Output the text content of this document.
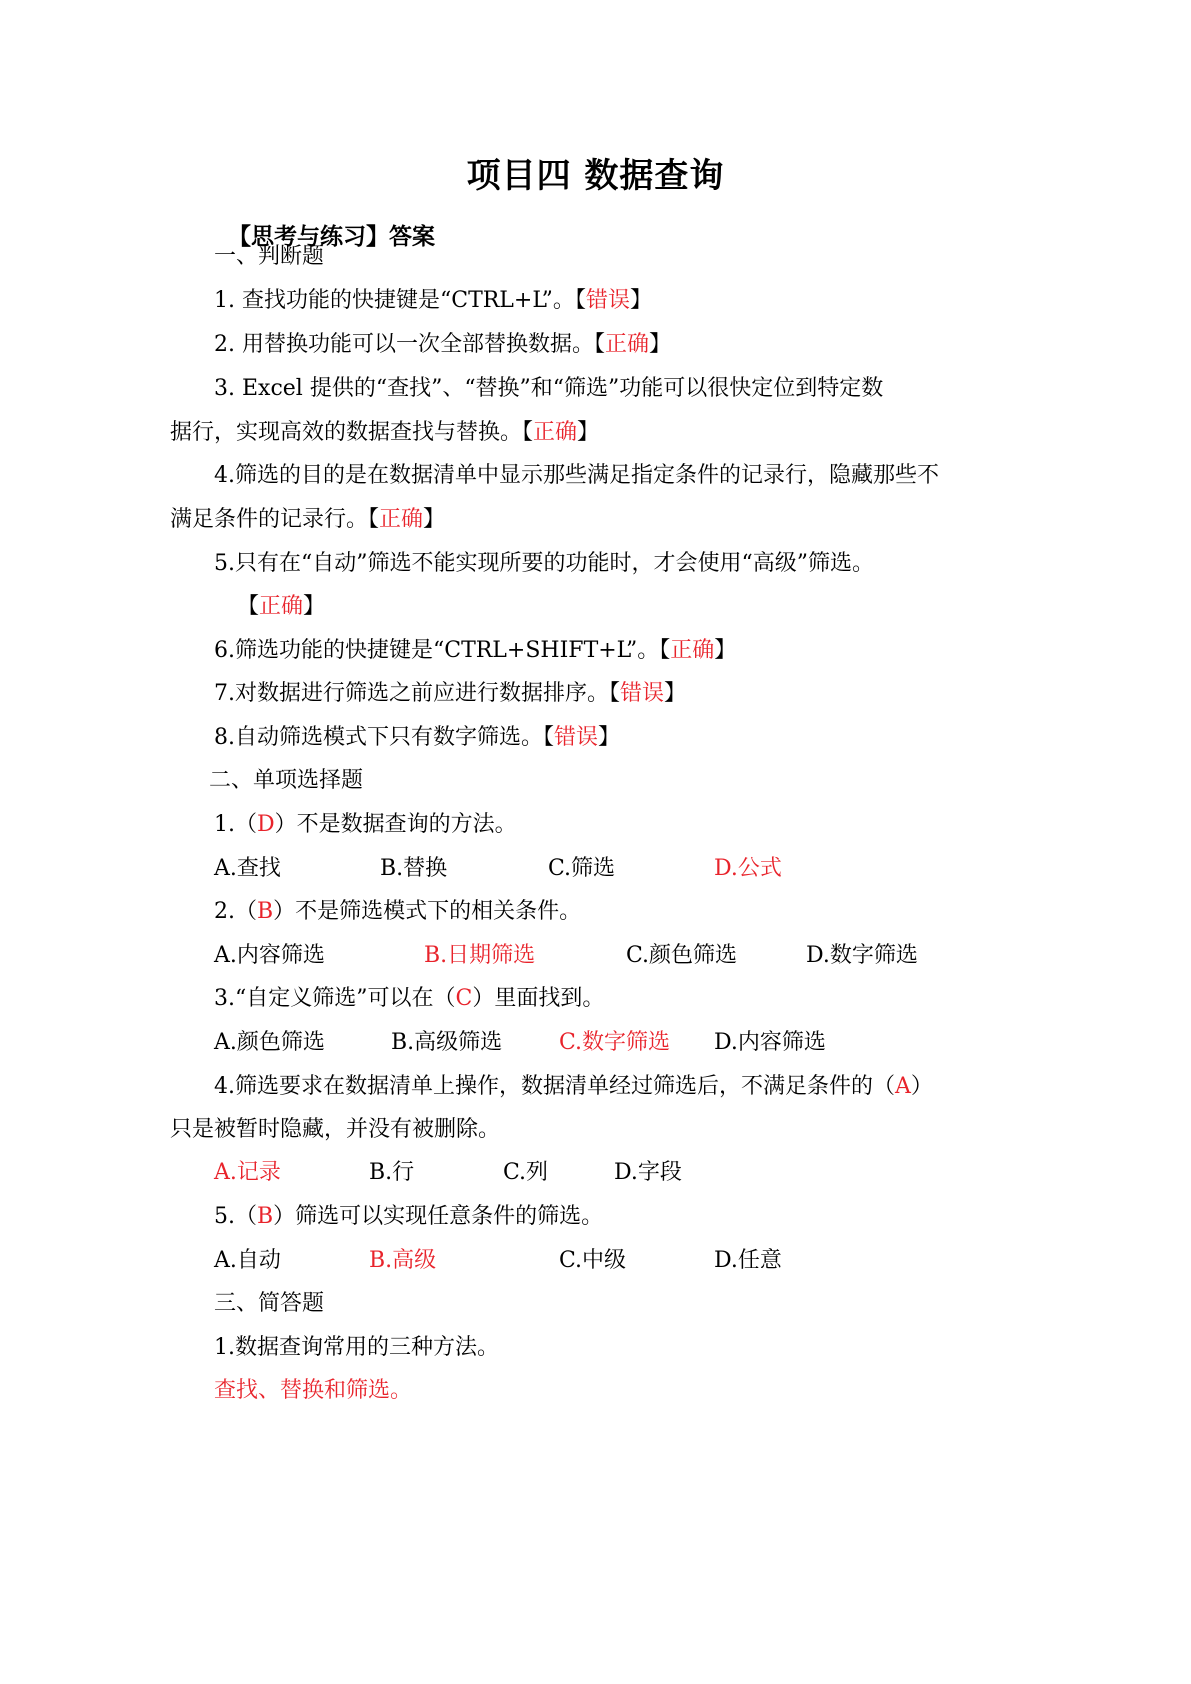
项目四 数据查询
【思考与练习】答案
一、判断题
1. 查找功能的快捷键是“CTRL+L”。【错误】
2. 用替换功能可以一次全部替换数据。【正确】
3. Excel 提供的“查找”、“替换”和“筛选”功能可以很快定位到特定数
据行，实现高效的数据查找与替换。【正确】
4.筛选的目的是在数据清单中显示那些满足指定条件的记录行，隐藏那些不
满足条件的记录行。【正确】
5.只有在“自动”筛选不能实现所要的功能时，才会使用“高级”筛选。
【正确】
6.筛选功能的快捷键是“CTRL+SHIFT+L”。【正确】
7.对数据进行筛选之前应进行数据排序。【错误】
8.自动筛选模式下只有数字筛选。【错误】
二、单项选择题
1.（D）不是数据查询的方法。
A.查找	B.替换	C.筛选	D.公式
2.（B）不是筛选模式下的相关条件。
A.内容筛选	B.日期筛选	C.颜色筛选	D.数字筛选
3.“自定义筛选”可以在（C）里面找到。
A.颜色筛选	B.高级筛选	C.数字筛选 D.内容筛选
4.筛选要求在数据清单上操作，数据清单经过筛选后，不满足条件的（A）
只是被暂时隐藏，并没有被删除。
A.记录	B.行	C.列	D.字段
5.（B）筛选可以实现任意条件的筛选。
A.自动	B.高级	C.中级	D.任意
三、简答题
1.数据查询常用的三种方法。
查找、替换和筛选。
